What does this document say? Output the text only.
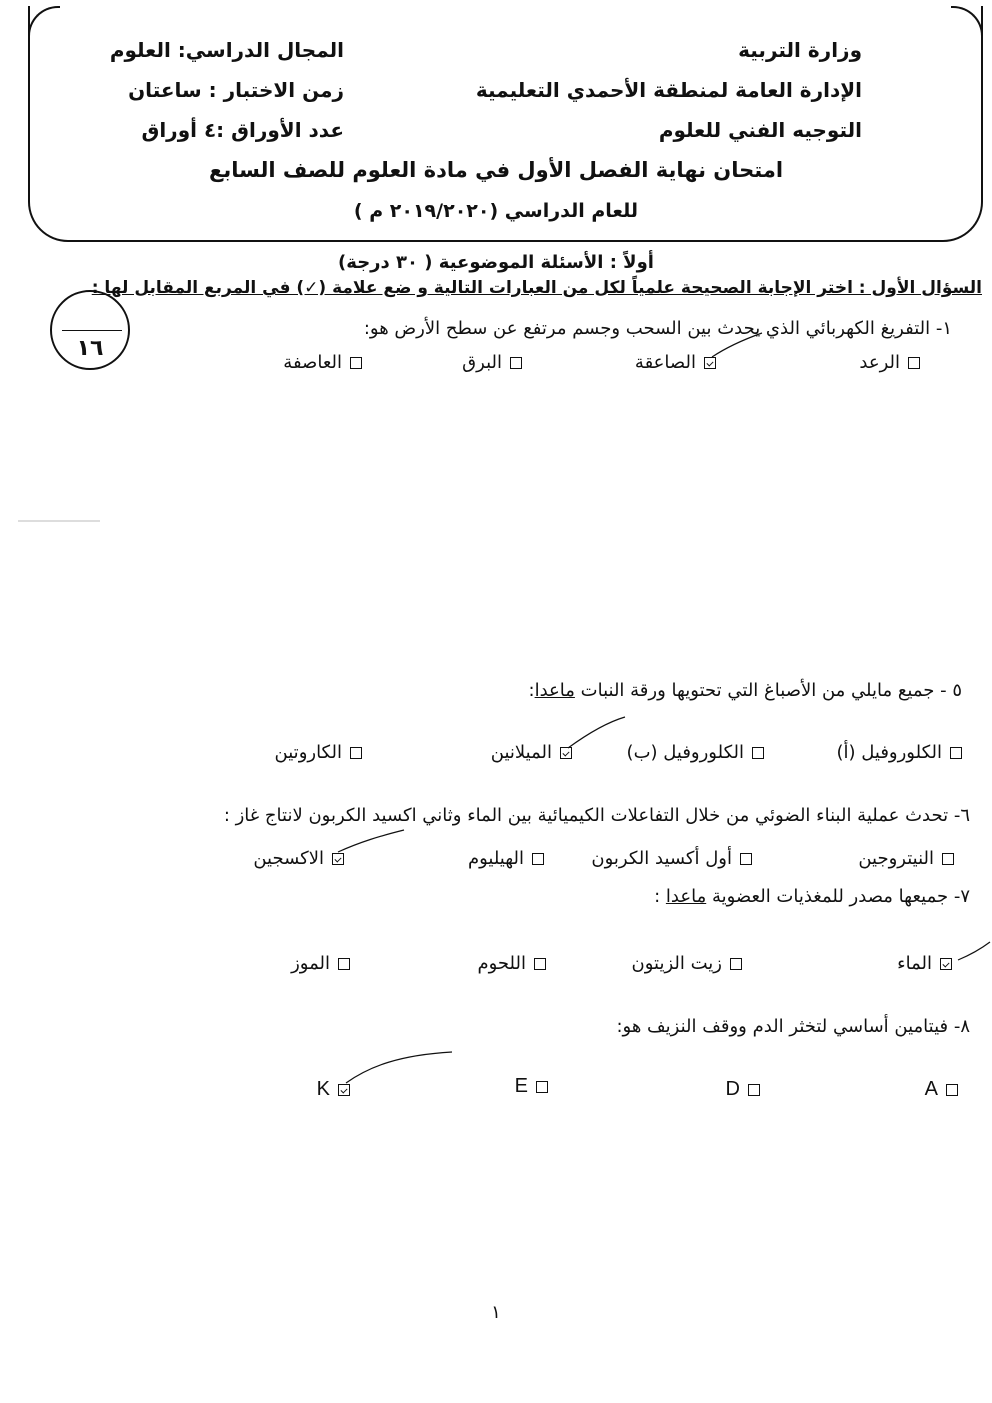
وزارة التربية
الإدارة العامة لمنطقة الأحمدي التعليمية
التوجيه الفني للعلوم
المجال الدراسي: العلوم
زمن الاختبار : ساعتان
عدد الأوراق :٤ أوراق
امتحان نهاية الفصل الأول في مادة العلوم للصف السابع
للعام الدراسي (٢٠١٩/٢٠٢٠ م )
أولاً : الأسئلة الموضوعية ( ٣٠ درجة)
السؤال الأول : اختر الإجابة الصحيحة علمياً لكل من العبارات التالية و ضع علامة (✓) في المربع المقابل لها :
١٦
١- التفريغ الكهربائي الذي يحدث بين السحب وجسم مرتفع عن سطح الأرض هو:
الرعد
الصاعقة
البرق
العاصفة
٥ - جميع مايلي من الأصباغ التي تحتويها ورقة النبات ماعدا:
الكلوروفيل (أ)
الكلوروفيل (ب)
الميلانين
الكاروتين
٦- تحدث عملية البناء الضوئي من خلال التفاعلات الكيميائية بين الماء وثاني اكسيد الكربون لانتاج غاز :
النيتروجين
أول أكسيد الكربون
الهيليوم
الاكسجين
٧- جميعها مصدر للمغذيات العضوية ماعدا :
الماء
زيت الزيتون
اللحوم
الموز
٨- فيتامين أساسي لتخثر الدم ووقف النزيف هو:
A
D
E
K
١
